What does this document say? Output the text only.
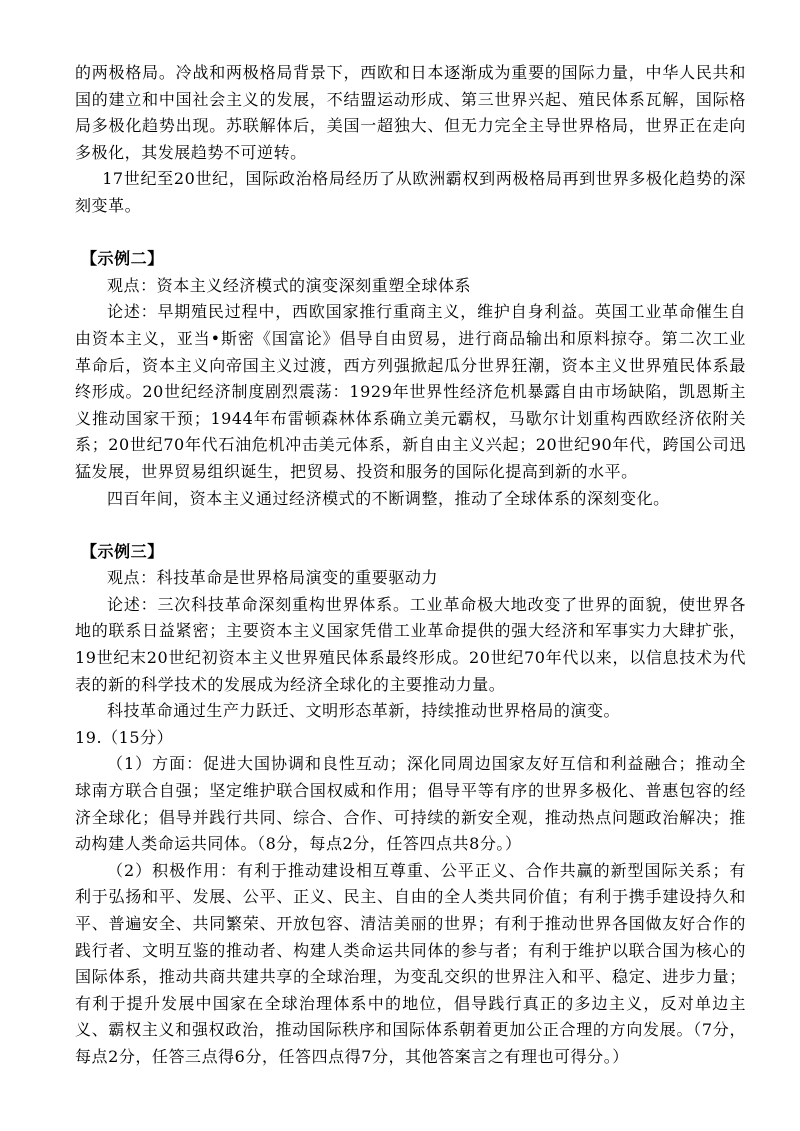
的两极格局。冷战和两极格局背景下，西欧和日本逐渐成为重要的国际力量，中华人民共和国的建立和中国社会主义的发展，不结盟运动形成、第三世界兴起、殖民体系瓦解，国际格局多极化趋势出现。苏联解体后，美国一超独大、但无力完全主导世界格局，世界正在走向多极化，其发展趋势不可逆转。

17世纪至20世纪，国际政治格局经历了从欧洲霸权到两极格局再到世界多极化趋势的深刻变革。

【示例二】

观点：资本主义经济模式的演变深刻重塑全球体系

论述：早期殖民过程中，西欧国家推行重商主义，维护自身利益。英国工业革命催生自由资本主义，亚当•斯密《国富论》倡导自由贸易，进行商品输出和原料掠夺。第二次工业革命后，资本主义向帝国主义过渡，西方列强掀起瓜分世界狂潮，资本主义世界殖民体系最终形成。20世纪经济制度剧烈震荡：1929年世界性经济危机暴露自由市场缺陷，凯恩斯主义推动国家干预；1944年布雷顿森林体系确立美元霸权，马歇尔计划重构西欧经济依附关系；20世纪70年代石油危机冲击美元体系，新自由主义兴起；20世纪90年代，跨国公司迅猛发展，世界贸易组织诞生，把贸易、投资和服务的国际化提高到新的水平。

四百年间，资本主义通过经济模式的不断调整，推动了全球体系的深刻变化。

【示例三】

观点：科技革命是世界格局演变的重要驱动力

论述：三次科技革命深刻重构世界体系。工业革命极大地改变了世界的面貌，使世界各地的联系日益紧密；主要资本主义国家凭借工业革命提供的强大经济和军事实力大肆扩张，19世纪末20世纪初资本主义世界殖民体系最终形成。20世纪70年代以来，以信息技术为代表的新的科学技术的发展成为经济全球化的主要推动力量。

科技革命通过生产力跃迁、文明形态革新，持续推动世界格局的演变。

19.（15分）

（1）方面：促进大国协调和良性互动；深化同周边国家友好互信和利益融合；推动全球南方联合自强；坚定维护联合国权威和作用；倡导平等有序的世界多极化、普惠包容的经济全球化；倡导并践行共同、综合、合作、可持续的新安全观，推动热点问题政治解决；推动构建人类命运共同体。（8分，每点2分，任答四点共8分。）

（2）积极作用：有利于推动建设相互尊重、公平正义、合作共赢的新型国际关系；有利于弘扬和平、发展、公平、正义、民主、自由的全人类共同价值；有利于携手建设持久和平、普遍安全、共同繁荣、开放包容、清洁美丽的世界；有利于推动世界各国做友好合作的践行者、文明互鉴的推动者、构建人类命运共同体的参与者；有利于维护以联合国为核心的国际体系，推动共商共建共享的全球治理，为变乱交织的世界注入和平、稳定、进步力量；有利于提升发展中国家在全球治理体系中的地位，倡导践行真正的多边主义，反对单边主义、霸权主义和强权政治，推动国际秩序和国际体系朝着更加公正合理的方向发展。（7分，每点2分，任答三点得6分，任答四点得7分，其他答案言之有理也可得分。）
